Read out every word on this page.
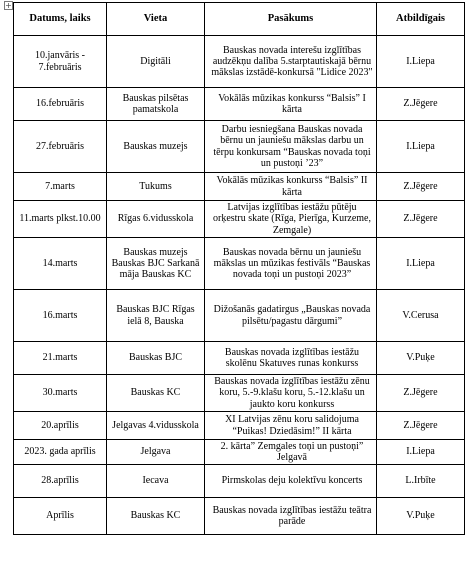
+
Datums, laiks	Vieta	Pasākums	Atbildīgais
10.janvāris - 7.februāris	Digitāli	Bauskas novada interešu izglītības audzēkņu dalība 5.starptautiskajā bērnu mākslas izstādē-konkursā "Lidice 2023"	I.Liepa
16.februāris	Bauskas pilsētas pamatskola	Vokālās mūzikas konkurss “Balsis” I kārta	Z.Jēgere
27.februāris	Bauskas muzejs	Darbu iesniegšana Bauskas novada bērnu un jauniešu mākslas darbu un tērpu konkursam “Bauskas novada toņi un pustoņi ’23”	I.Liepa
7.marts	Tukums	Vokālās mūzikas konkurss “Balsis” II kārta	Z.Jēgere
11.marts plkst.10.00	Rīgas 6.vidusskola	Latvijas izglītības iestāžu pūtēju orķestru skate (Rīga, Pierīga, Kurzeme, Zemgale)	Z.Jēgere
14.marts	Bauskas muzejs Bauskas BJC Sarkanā māja Bauskas KC	Bauskas novada bērnu un jauniešu mākslas un mūzikas festivāls “Bauskas novada toņi un pustoņi 2023”	I.Liepa
16.marts	Bauskas BJC Rīgas ielā 8, Bauska	Dižošanās gadatirgus „Bauskas novada pilsētu/pagastu dārgumi”	V.Cerusa
21.marts	Bauskas BJC	Bauskas novada izglītības iestāžu skolēnu Skatuves runas konkurss	V.Puķe
30.marts	Bauskas KC	Bauskas novada izglītības iestāžu zēnu koru, 5.-9.klašu koru, 5.-12.klašu un jaukto koru konkurss	Z.Jēgere
20.aprīlis	Jelgavas 4.vidusskola	XI Latvijas zēnu koru salidojuma “Puikas! Dziedāsim!” II kārta	Z.Jēgere
2023. gada aprīlis	Jelgava	2. kārta” Zemgales toņi un pustoņi” Jelgavā	I.Liepa
28.aprīlis	Iecava	Pirmskolas deju kolektīvu koncerts	L.Irbīte
Aprīlis	Bauskas KC	Bauskas novada izglītības iestāžu teātra parāde	V.Puķe
